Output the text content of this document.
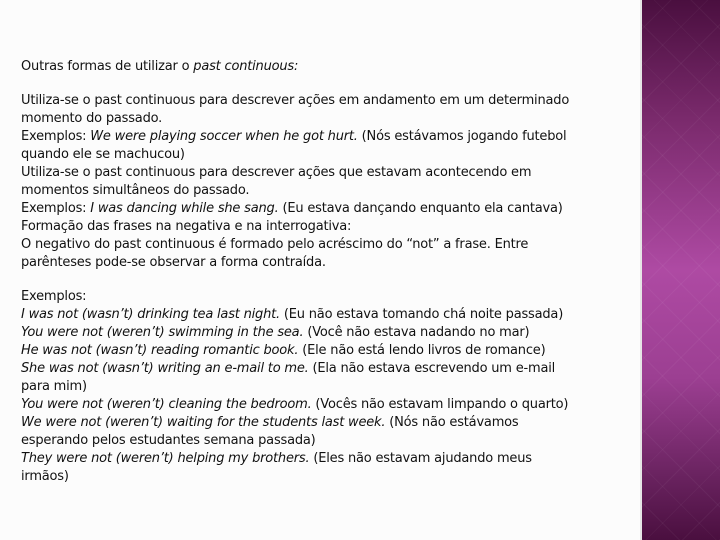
Outras formas de utilizar o past continuous:
Utiliza-se o past continuous para descrever ações em andamento em um determinado
momento do passado.
Exemplos: We were playing soccer when he got hurt. (Nós estávamos jogando futebol
quando ele se machucou)
Utiliza-se o past continuous para descrever ações que estavam acontecendo em
momentos simultâneos do passado.
Exemplos: I was dancing while she sang. (Eu estava dançando enquanto ela cantava)
Formação das frases na negativa e na interrogativa:
O negativo do past continuous é formado pelo acréscimo do “not” a frase. Entre
parênteses pode-se observar a forma contraída.
Exemplos:
I was not (wasn’t) drinking tea last night. (Eu não estava tomando chá noite passada)
You were not (weren’t) swimming in the sea. (Você não estava nadando no mar)
He was not (wasn’t) reading romantic book. (Ele não está lendo livros de romance)
She was not (wasn’t) writing an e-mail to me. (Ela não estava escrevendo um e-mail
para mim)
You were not (weren’t) cleaning the bedroom. (Vocês não estavam limpando o quarto)
We were not (weren’t) waiting for the students last week. (Nós não estávamos
esperando pelos estudantes semana passada)
They were not (weren’t) helping my brothers. (Eles não estavam ajudando meus
irmãos)
